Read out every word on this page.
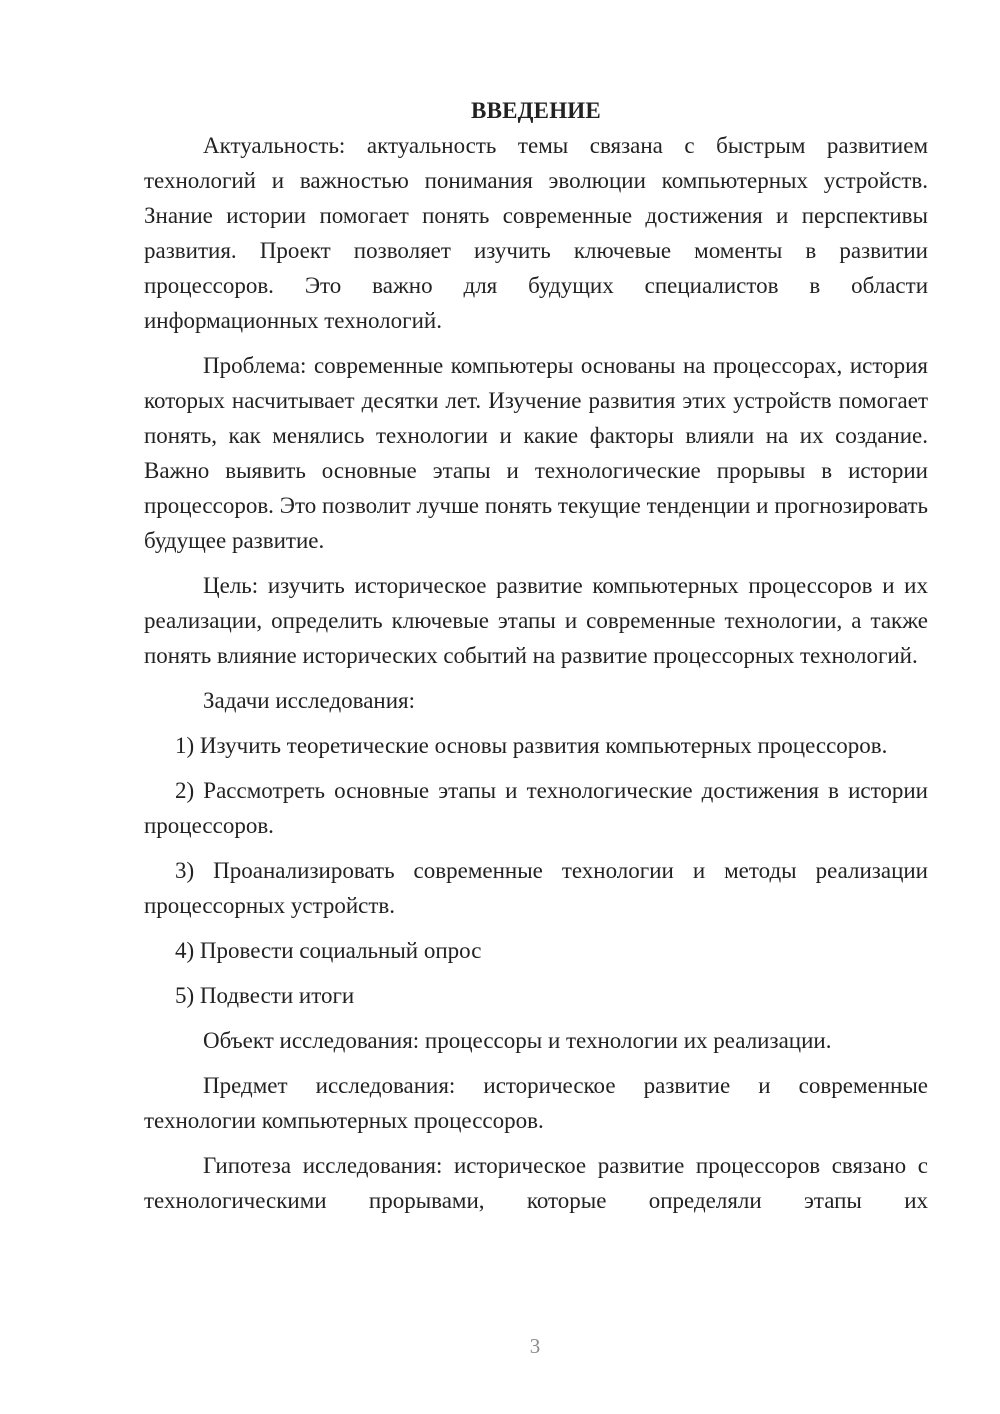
ВВЕДЕНИЕ

Актуальность: актуальность темы связана с быстрым развитием технологий и важностью понимания эволюции компьютерных устройств. Знание истории помогает понять современные достижения и перспективы развития. Проект позволяет изучить ключевые моменты в развитии процессоров. Это важно для будущих специалистов в области информационных технологий.

Проблема: современные компьютеры основаны на процессорах, история которых насчитывает десятки лет. Изучение развития этих устройств помогает понять, как менялись технологии и какие факторы влияли на их создание. Важно выявить основные этапы и технологические прорывы в истории процессоров. Это позволит лучше понять текущие тенденции и прогнозировать будущее развитие.

Цель: изучить историческое развитие компьютерных процессоров и их реализации, определить ключевые этапы и современные технологии, а также понять влияние исторических событий на развитие процессорных технологий.

Задачи исследования:

1) Изучить теоретические основы развития компьютерных процессоров.

2) Рассмотреть основные этапы и технологические достижения в истории процессоров.

3) Проанализировать современные технологии и методы реализации процессорных устройств.

4) Провести социальный опрос

5) Подвести итоги

Объект исследования: процессоры и технологии их реализации.

Предмет исследования: историческое развитие и современные технологии компьютерных процессоров.

Гипотеза исследования: историческое развитие процессоров связано с технологическими прорывами, которые определяли этапы их

3
